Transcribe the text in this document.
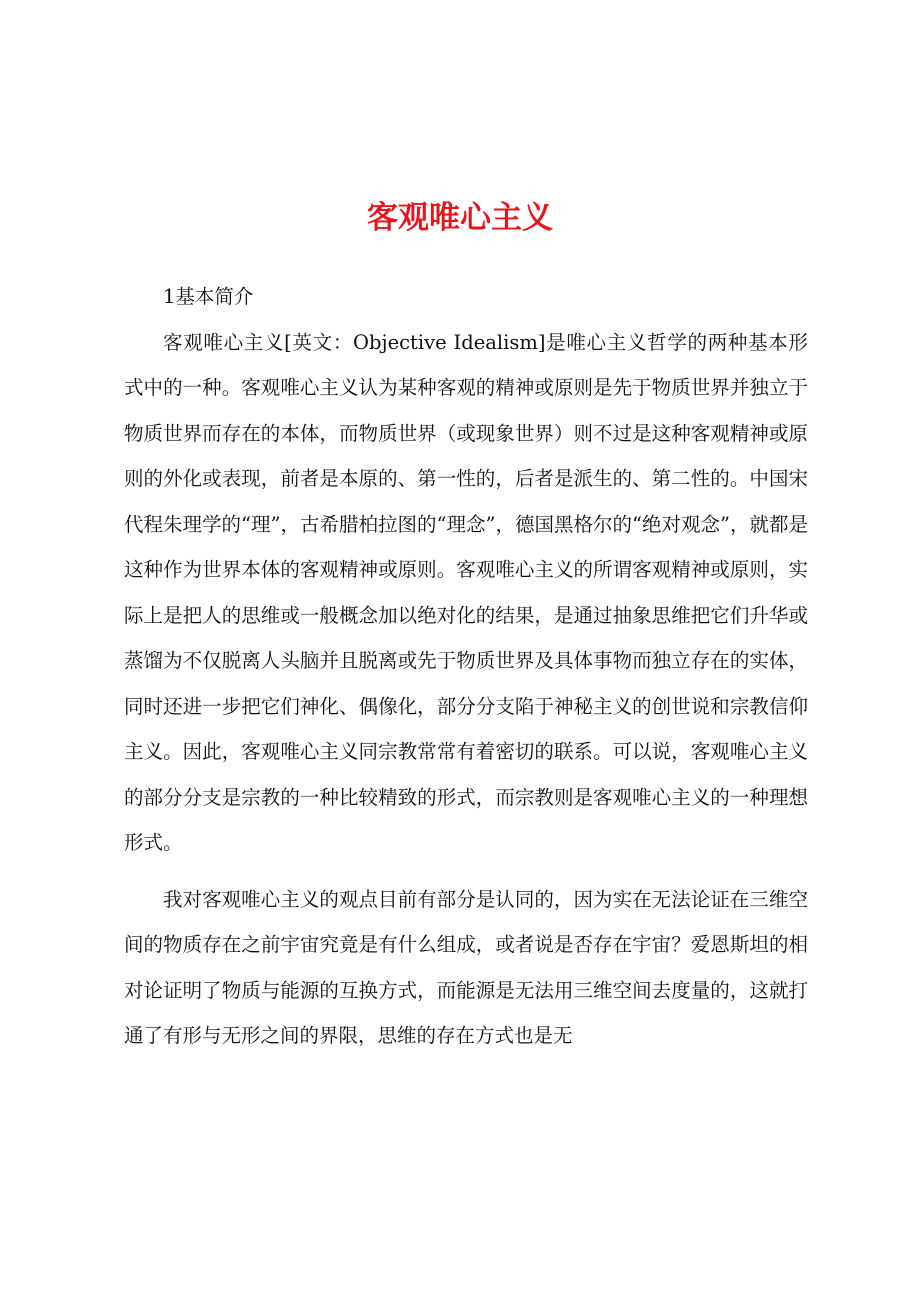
客观唯心主义

1基本简介

客观唯心主义[英文：Objective Idealism]是唯心主义哲学的两种基本形式中的一种。客观唯心主义认为某种客观的精神或原则是先于物质世界并独立于物质世界而存在的本体，而物质世界（或现象世界）则不过是这种客观精神或原则的外化或表现，前者是本原的、第一性的，后者是派生的、第二性的。中国宋代程朱理学的“理”，古希腊柏拉图的“理念”，德国黑格尔的“绝对观念”，就都是这种作为世界本体的客观精神或原则。客观唯心主义的所谓客观精神或原则，实际上是把人的思维或一般概念加以绝对化的结果，是通过抽象思维把它们升华或蒸馏为不仅脱离人头脑并且脱离或先于物质世界及具体事物而独立存在的实体，同时还进一步把它们神化、偶像化，部分分支陷于神秘主义的创世说和宗教信仰主义。因此，客观唯心主义同宗教常常有着密切的联系。可以说，客观唯心主义的部分分支是宗教的一种比较精致的形式，而宗教则是客观唯心主义的一种理想形式。

我对客观唯心主义的观点目前有部分是认同的，因为实在无法论证在三维空间的物质存在之前宇宙究竟是有什么组成，或者说是否存在宇宙？爱恩斯坦的相对论证明了物质与能源的互换方式，而能源是无法用三维空间去度量的，这就打通了有形与无形之间的界限，思维的存在方式也是无
